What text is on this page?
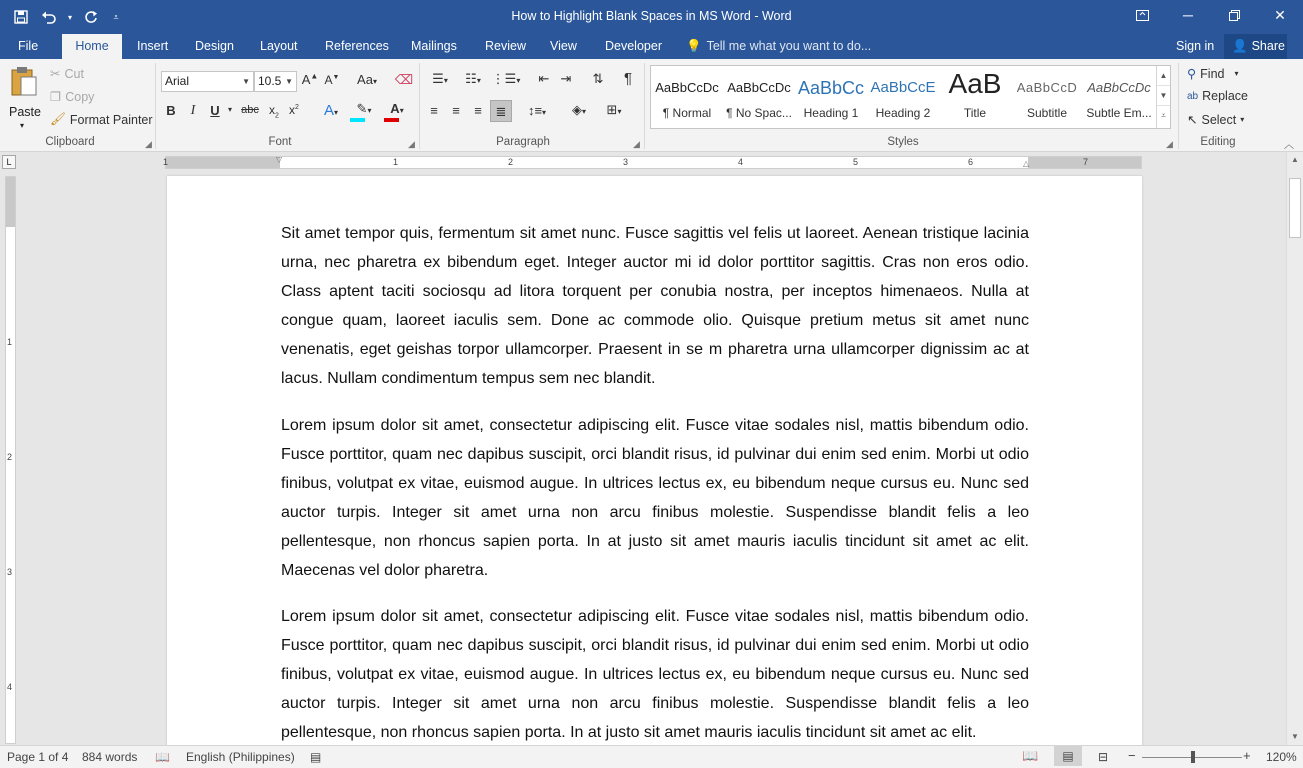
▾	⩡	How to Highlight Blank Spaces in MS Word - Word	─	✕
File	Home	Insert	Design	Layout	References	Mailings	Review	View	Developer	💡 Tell me what you want to do...	Sign in	👤 Share
Paste
▾
✂ Cut
❐ Copy
🖌 Format Painter
Clipboard	◢
Arial	▼ 10.5 ▼ A▲ A▼	Aa▾	⌫
B	I	U	▾ abc $x_2$ $x^2$	A▾	✎▾	A▾
Font	◢
☰▾	☷▾ ⋮☰▾	⇤ ⇥	⇅	¶
≡	≡	≡	≣	↕≡▾	◈▾	⊞▾
Paragraph	◢
AaBbCcDc
¶ Normal
AaBbCcDc
¶ No Spac...
AaBbCc
Heading 1
AaBbCcE
Heading 2
AaB
Title
AaBbCcD
Subtitle
AaBbCcDc
Subtle Em...
▲
▼
⩡
Styles	◢
⚲ Find ▾
ab Replace
↖ Select ▾
Editing	︿
L	1	1	2	3	4	5	6	7
▽	△
1
2
3
4

Sit amet tempor quis, fermentum sit amet nunc. Fusce sagittis vel felis ut laoreet. Aenean tristique lacinia urna, nec pharetra ex bibendum eget. Integer auctor mi id dolor porttitor sagittis. Cras non eros odio. Class aptent taciti sociosqu ad litora torquent per conubia nostra, per inceptos himenaeos. Nulla at congue quam, laoreet iaculis sem. Done ac commode olio. Quisque pretium metus sit amet nunc venenatis, eget geishas torpor ullamcorper. Praesent in se m pharetra urna ullamcorper dignissim ac at lacus. Nullam condimentum tempus sem nec blandit.

Lorem ipsum dolor sit amet, consectetur adipiscing elit. Fusce vitae sodales nisl, mattis bibendum odio. Fusce porttitor, quam nec dapibus suscipit, orci blandit risus, id pulvinar dui enim sed enim. Morbi ut odio finibus, volutpat ex vitae, euismod augue. In ultrices lectus ex, eu bibendum neque cursus eu. Nunc sed auctor turpis. Integer sit amet urna non arcu finibus molestie. Suspendisse blandit felis a leo pellentesque, non rhoncus sapien porta. In at justo sit amet mauris iaculis tincidunt sit amet ac elit. Maecenas vel dolor pharetra.

Lorem ipsum dolor sit amet, consectetur adipiscing elit. Fusce vitae sodales nisl, mattis bibendum odio. Fusce porttitor, quam nec dapibus suscipit, orci blandit risus, id pulvinar dui enim sed enim. Morbi ut odio finibus, volutpat ex vitae, euismod augue. In ultrices lectus ex, eu bibendum neque cursus eu. Nunc sed auctor turpis. Integer sit amet urna non arcu finibus molestie. Suspendisse blandit felis a leo pellentesque, non rhoncus sapien porta. In at justo sit amet mauris iaculis tincidunt sit amet ac elit.

▲
▼
Page 1 of 4 884 words 📖 English (Philippines) ▤	📖	▤	⊟ −	+ 120%
